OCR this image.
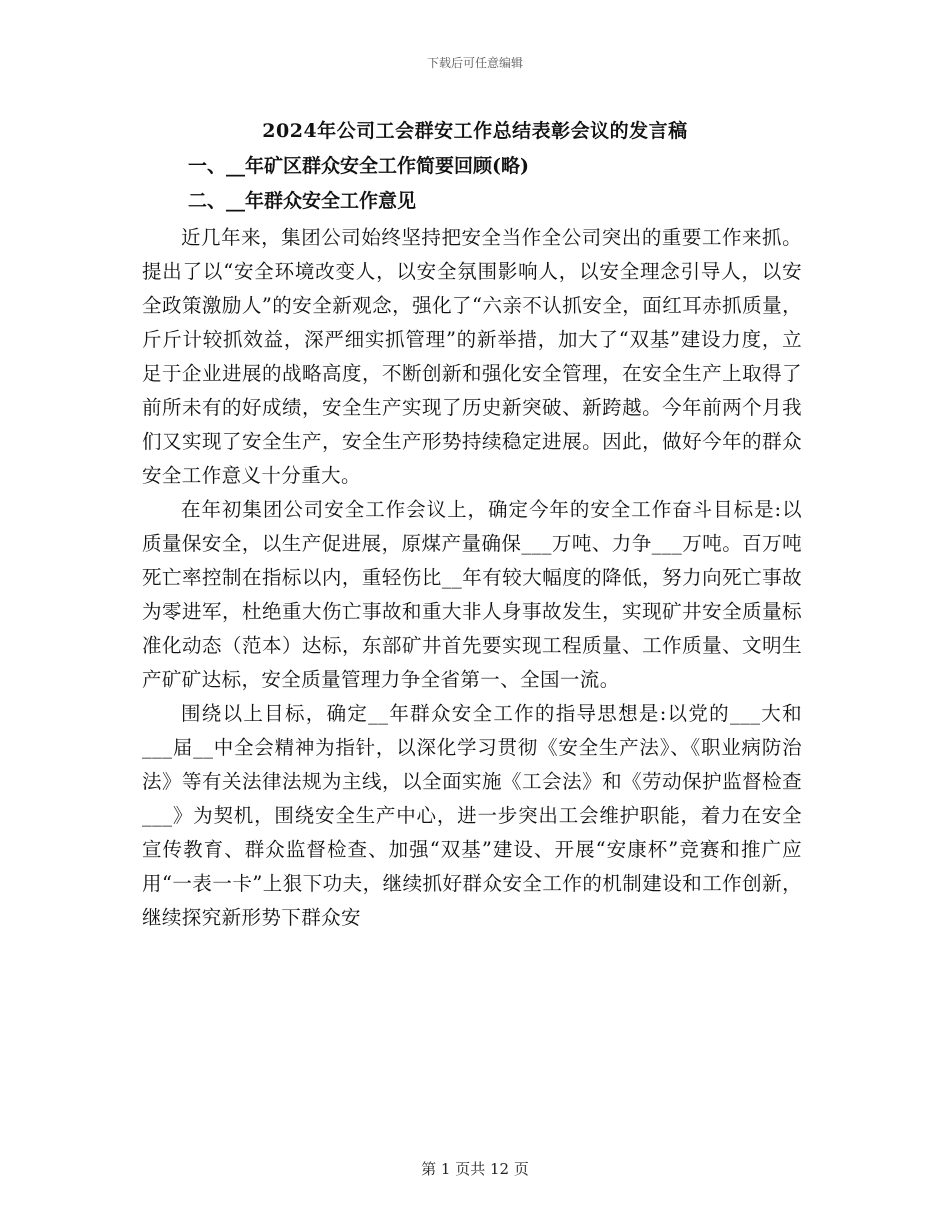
下载后可任意编辑
2024年公司工会群安工作总结表彰会议的发言稿
一、__年矿区群众安全工作简要回顾(略)
二、__年群众安全工作意见

近几年来，集团公司始终坚持把安全当作全公司突出的重要工作来抓。提出了以“安全环境改变人，以安全氛围影响人，以安全理念引导人，以安全政策激励人”的安全新观念，强化了“六亲不认抓安全，面红耳赤抓质量，斤斤计较抓效益，深严细实抓管理”的新举措，加大了“双基”建设力度，立足于企业进展的战略高度，不断创新和强化安全管理，在安全生产上取得了前所未有的好成绩，安全生产实现了历史新突破、新跨越。今年前两个月我们又实现了安全生产，安全生产形势持续稳定进展。因此，做好今年的群众安全工作意义十分重大。

在年初集团公司安全工作会议上，确定今年的安全工作奋斗目标是:以质量保安全，以生产促进展，原煤产量确保___万吨、力争___万吨。百万吨死亡率控制在指标以内，重轻伤比__年有较大幅度的降低，努力向死亡事故为零进军，杜绝重大伤亡事故和重大非人身事故发生，实现矿井安全质量标准化动态（范本）达标，东部矿井首先要实现工程质量、工作质量、文明生产矿矿达标，安全质量管理力争全省第一、全国一流。

围绕以上目标，确定__年群众安全工作的指导思想是:以党的___大和___届__中全会精神为指针，以深化学习贯彻《安全生产法》、《职业病防治法》等有关法律法规为主线，以全面实施《工会法》和《劳动保护监督检查___》为契机，围绕安全生产中心，进一步突出工会维护职能，着力在安全宣传教育、群众监督检查、加强“双基”建设、开展“安康杯”竞赛和推广应用“一表一卡”上狠下功夫，继续抓好群众安全工作的机制建设和工作创新，继续探究新形势下群众安

第 1 页共 12 页
